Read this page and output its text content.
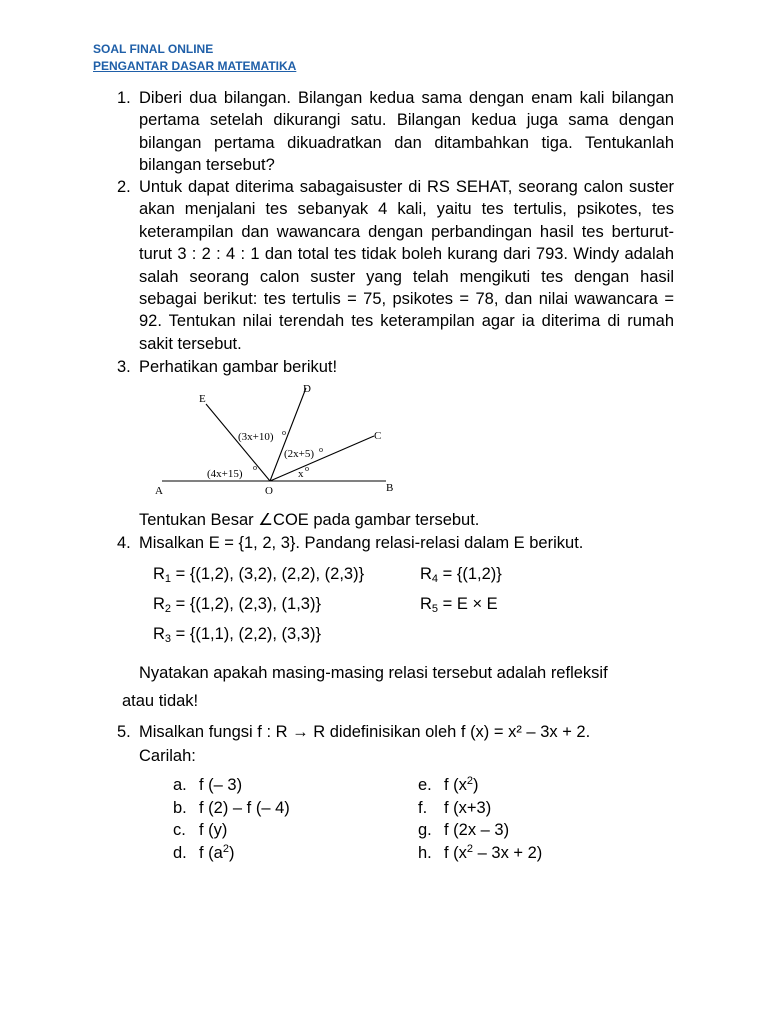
SOAL FINAL ONLINE
PENGANTAR DASAR MATEMATIKA
1. Diberi dua bilangan. Bilangan kedua sama dengan enam kali bilangan pertama setelah dikurangi satu. Bilangan kedua juga sama dengan bilangan pertama dikuadratkan dan ditambahkan tiga. Tentukanlah bilangan tersebut?
2. Untuk dapat diterima sabagaisuster di RS SEHAT, seorang calon suster akan menjalani tes sebanyak 4 kali, yaitu tes tertulis, psikotes, tes keterampilan dan wawancara dengan perbandingan hasil tes berturut-turut 3 : 2 : 4 : 1 dan total tes tidak boleh kurang dari 793. Windy adalah salah seorang calon suster yang telah mengikuti tes dengan hasil sebagai berikut: tes tertulis = 75, psikotes = 78, dan nilai wawancara = 92. Tentukan nilai terendah tes keterampilan agar ia diterima di rumah sakit tersebut.
3. Perhatikan gambar berikut!
A	O	B
E
D
C
(4x+15)
(3x+10)
(2x+5)
x
o
o
o
o
Tentukan Besar ∠COE pada gambar tersebut.
4. Misalkan E = {1, 2, 3}. Pandang relasi-relasi dalam E berikut.
$R_1 = \{(1,2)$, (3,2), (2,2), (2,3)}
$R_2 = \{(1,2)$, (2,3), (1,3)}
$R_3 = \{(1,1)$, (2,2), (3,3)}
$R_4 = \{(1,2)\}$
$R_5 = E \times E$
Nyatakan apakah masing-masing relasi tersebut adalah refleksif
atau tidak!
5. Misalkan fungsi f : R → R didefinisikan oleh f (x) = x² – 3x + 2.
Carilah:
a. f (– 3)
b. f (2) – f (– 4)
c. f (y)
d. f $(a^2)$
e. f $(x^2)$
f. f (x+3)
g. f (2x – 3)
h. f $(x^2 - 3x + 2)$
